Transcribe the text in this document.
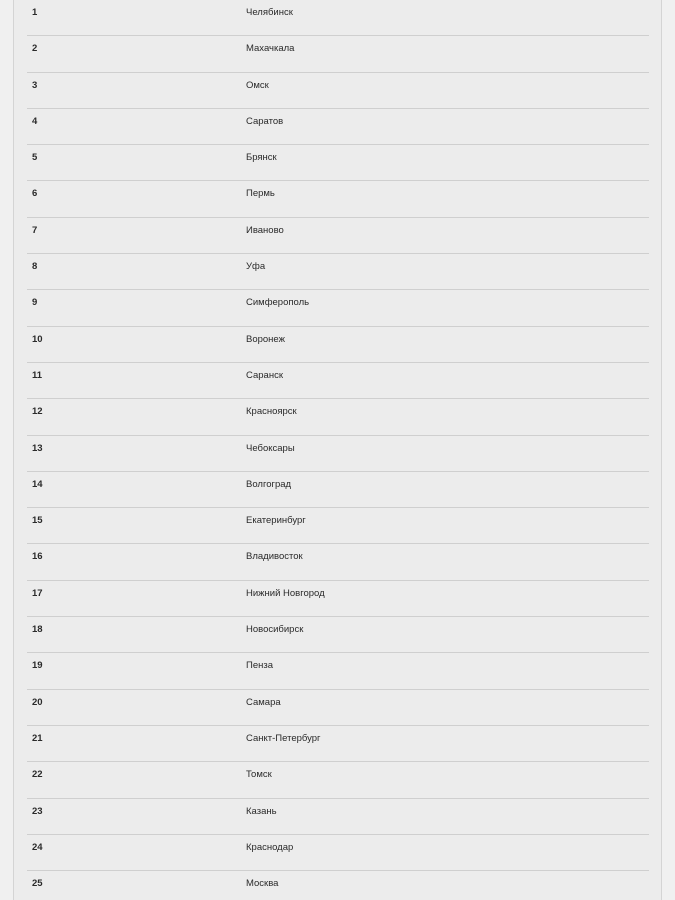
1	Челябинск
2	Махачкала
3	Омск
4	Саратов
5	Брянск
6	Пермь
7	Иваново
8	Уфа
9	Симферополь
10	Воронеж
11	Саранск
12	Красноярск
13	Чебоксары
14	Волгоград
15	Екатеринбург
16	Владивосток
17	Нижний Новгород
18	Новосибирск
19	Пенза
20	Самара
21	Санкт-Петербург
22	Томск
23	Казань
24	Краснодар
25	Москва
